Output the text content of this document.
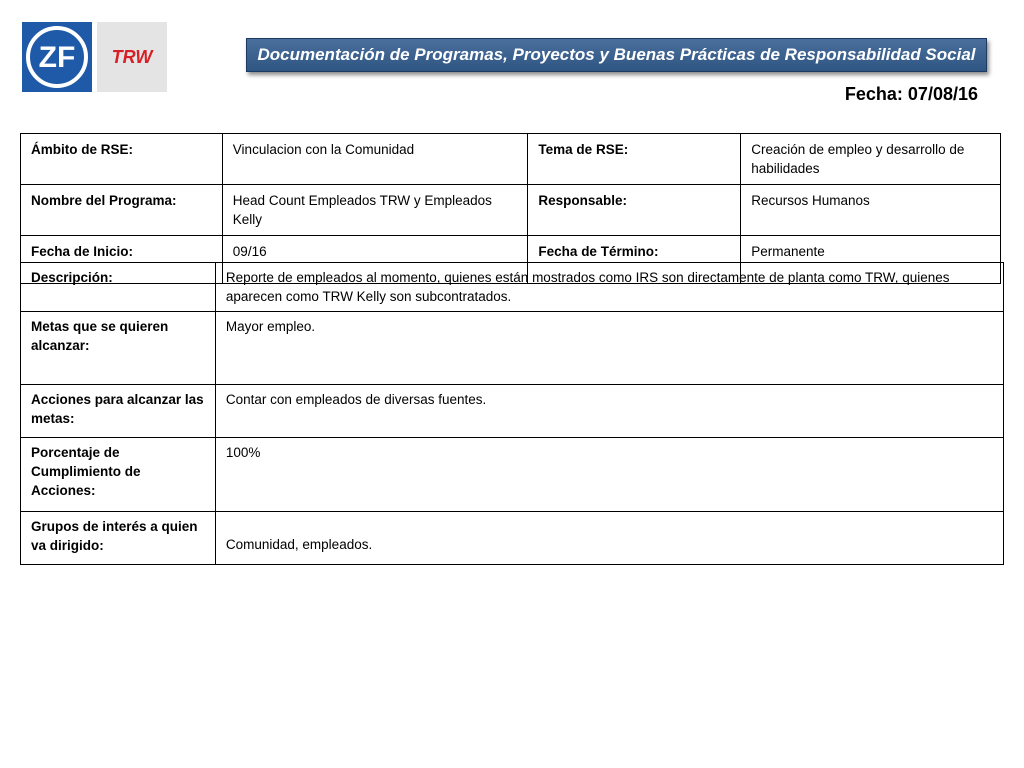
ZF TRW	Documentación de Programas, Proyectos y Buenas Prácticas de Responsabilidad Social
Fecha: 07/08/16
Ámbito de RSE:	Vinculacion con la Comunidad	Tema de RSE:	Creación de empleo y desarrollo de habilidades
Nombre del Programa:	Head Count Empleados TRW y Empleados Kelly	Responsable:	Recursos Humanos
Fecha de Inicio:	09/16	Fecha de Término:	Permanente
Descripción:	Reporte de empleados al momento, quienes están mostrados como IRS son directamente de planta como TRW, quienes aparecen como TRW Kelly son subcontratados.
Metas que se quieren alcanzar:	Mayor empleo.
Acciones para alcanzar las metas:	Contar con empleados de diversas fuentes.
Porcentaje de Cumplimiento de Acciones:	100%
Grupos de interés a quien va dirigido:	Comunidad, empleados.
